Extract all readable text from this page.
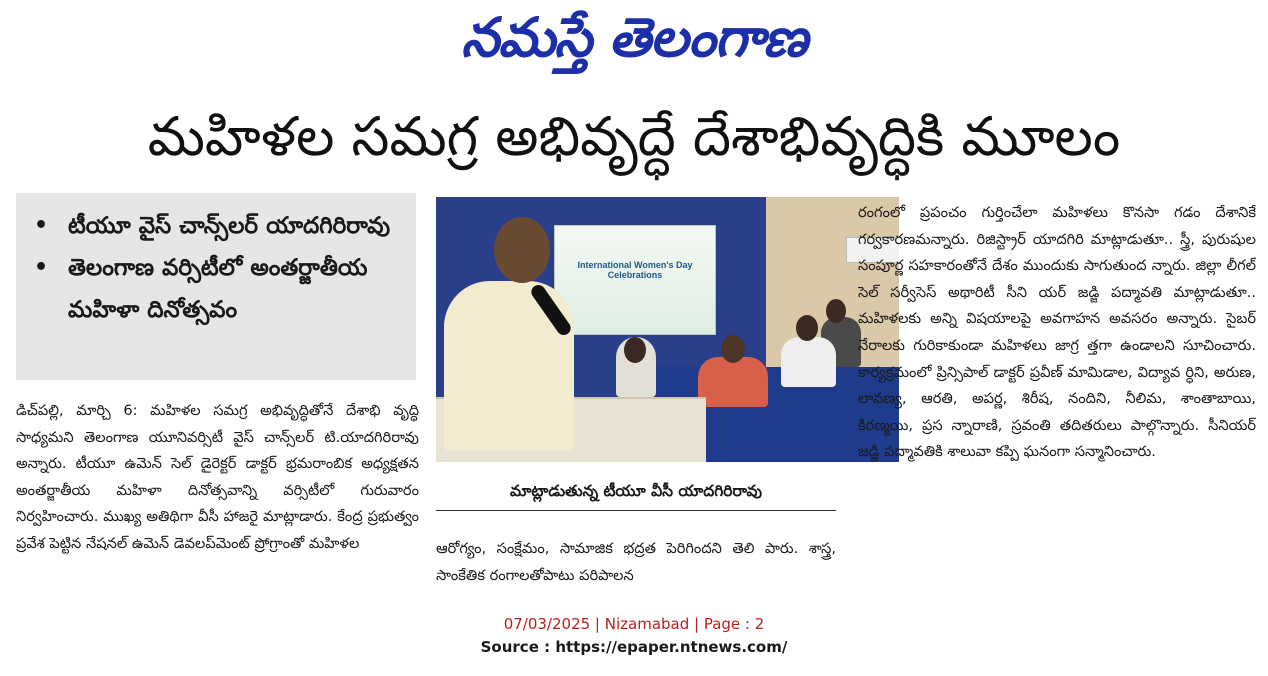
నమస్తే తెలంగాణ
మహిళల సమగ్ర అభివృద్ధే దేశాభివృద్ధికి మూలం
• టీయూ వైస్ చాన్స్‌లర్ యాదగిరిరావు
• తెలంగాణ వర్సిటీలో అంతర్జాతీయ మహిళా దినోత్సవం

డిచ్‌పల్లి, మార్చి 6: మహిళల సమగ్ర అభివృద్ధితోనే దేశాభి వృద్ధి సాధ్యమని తెలంగాణ యూనివర్సిటీ వైస్ చాన్స్‌లర్ టి.యాదగిరిరావు అన్నారు. టీయూ ఉమెన్ సెల్ డైరెక్టర్ డాక్టర్ భ్రమరాంబిక అధ్యక్షతన అంతర్జాతీయ మహిళా దినోత్సవాన్ని వర్సిటీలో గురువారం నిర్వహించారు. ముఖ్య అతిథిగా వీసీ హాజరై మాట్లాడారు. కేంద్ర ప్రభుత్వం ప్రవేశ పెట్టిన నేషనల్ ఉమెన్ డెవలప్‌మెంట్ ప్రోగ్రాంతో మహిళల

International Women's Day Celebrations
మాట్లాడుతున్న టీయూ వీసీ యాదగిరిరావు

ఆరోగ్యం, సంక్షేమం, సామాజిక భద్రత పెరిగిందని తెలి పారు. శాస్త్ర, సాంకేతిక రంగాలతోపాటు పరిపాలన

రంగంలో ప్రపంచం గుర్తించేలా మహిళలు కొనసా గడం దేశానికే గర్వకారణమన్నారు. రిజిస్ట్రార్ యాదగిరి మాట్లాడుతూ.. స్త్రీ, పురుషుల సంపూర్ణ సహకారంతోనే దేశం ముందుకు సాగుతుంద న్నారు. జిల్లా లీగల్ సెల్ సర్వీసెస్ అథారిటీ సీని యర్ జడ్జి పద్మావతి మాట్లాడుతూ.. మహిళలకు అన్ని విషయాలపై అవగాహన అవసరం అన్నారు. సైబర్ నేరాలకు గురికాకుండా మహిళలు జాగ్ర త్తగా ఉండాలని సూచించారు. కార్యక్రమంలో ప్రిన్సిపాల్ డాక్టర్ ప్రవీణ్ మామిడాల, విద్యావ ర్ధిని, అరుణ, లావణ్య, ఆరతి, అపర్ణ, శిరీష, నందిని, నీలిమ, శాంతాబాయి, కిరణ్మయి, ప్రస న్నారాణి, స్రవంతి తదితరులు పాల్గొన్నారు. సీనియర్ జడ్జి పద్మావతికి శాలువా కప్పి ఘనంగా సన్మానించారు.

07/03/2025 | Nizamabad | Page : 2
Source : https://epaper.ntnews.com/
